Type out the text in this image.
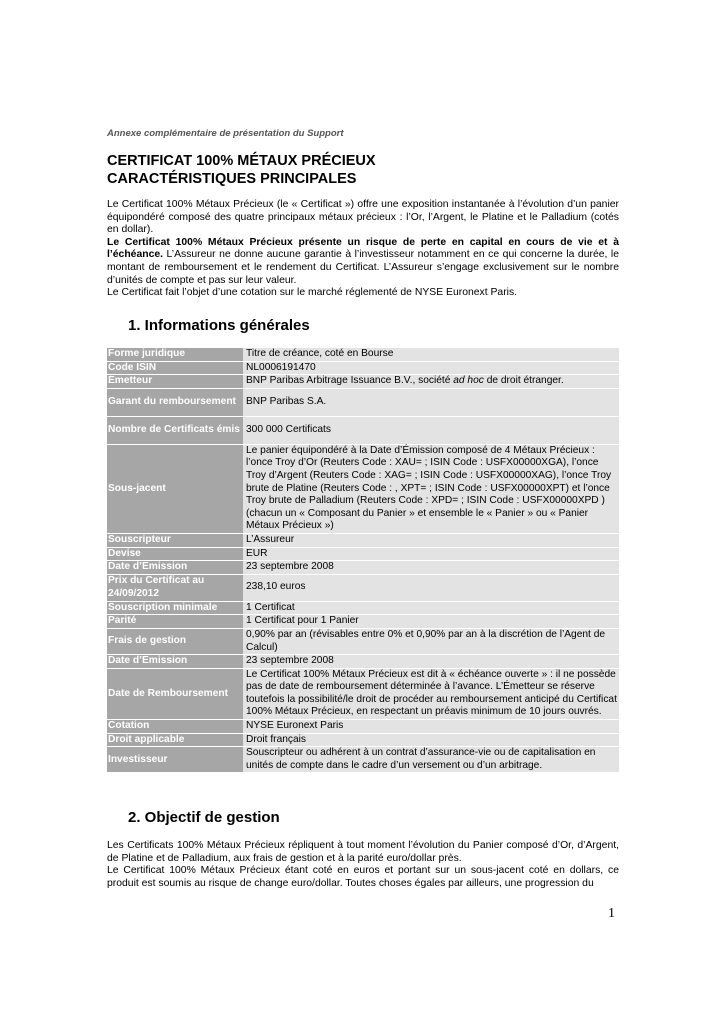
Annexe complémentaire de présentation du Support
CERTIFICAT 100% MÉTAUX PRÉCIEUX
CARACTÉRISTIQUES PRINCIPALES

Le Certificat 100% Métaux Précieux (le « Certificat ») offre une exposition instantanée à l’évolution d’un panier équipondéré composé des quatre principaux métaux précieux : l’Or, l’Argent, le Platine et le Palladium (cotés en dollar).

Le Certificat 100% Métaux Précieux présente un risque de perte en capital en cours de vie et à l’échéance. L’Assureur ne donne aucune garantie à l’investisseur notamment en ce qui concerne la durée, le montant de remboursement et le rendement du Certificat. L’Assureur s’engage exclusivement sur le nombre d’unités de compte et pas sur leur valeur.

Le Certificat fait l’objet d’une cotation sur le marché réglementé de NYSE Euronext Paris.

1. Informations générales
Forme juridique	Titre de créance, coté en Bourse
Code ISIN	NL0006191470
Émetteur	BNP Paribas Arbitrage Issuance B.V., société ad hoc de droit étranger.
Garant du remboursement	BNP Paribas S.A.
Nombre de Certificats émis	300 000 Certificats
Sous-jacent	Le panier équipondéré à la Date d’Émission composé de 4 Métaux Précieux : l’once Troy d’Or (Reuters Code : XAU= ; ISIN Code : USFX00000XGA), l’once Troy d’Argent (Reuters Code : XAG= ; ISIN Code : USFX00000XAG), l’once Troy brute de Platine (Reuters Code : , XPT= ; ISIN Code : USFX00000XPT) et l’once Troy brute de Palladium (Reuters Code : XPD= ; ISIN Code : USFX00000XPD ) (chacun un « Composant du Panier » et ensemble le « Panier » ou « Panier Métaux Précieux »)
Souscripteur	L’Assureur
Devise	EUR
Date d’Emission	23 septembre 2008
Prix du Certificat au 24/09/2012	238,10 euros
Souscription minimale	1 Certificat
Parité	1 Certificat pour 1 Panier
Frais de gestion	0,90% par an (révisables entre 0% et 0,90% par an à la discrétion de l’Agent de Calcul)
Date d’Emission	23 septembre 2008
Date de Remboursement	Le Certificat 100% Métaux Précieux est dit à « échéance ouverte » : il ne possède pas de date de remboursement déterminée à l’avance. L’Émetteur se réserve toutefois la possibilité/le droit de procéder au remboursement anticipé du Certificat 100% Métaux Précieux, en respectant un préavis minimum de 10 jours ouvrés.
Cotation	NYSE Euronext Paris
Droit applicable	Droit français
Investisseur	Souscripteur ou adhérent à un contrat d’assurance-vie ou de capitalisation en unités de compte dans le cadre d’un versement ou d’un arbitrage.
2. Objectif de gestion

Les Certificats 100% Métaux Précieux répliquent à tout moment l’évolution du Panier composé d’Or, d’Argent, de Platine et de Palladium, aux frais de gestion et à la parité euro/dollar près.

Le Certificat 100% Métaux Précieux étant coté en euros et portant sur un sous-jacent coté en dollars, ce produit est soumis au risque de change euro/dollar. Toutes choses égales par ailleurs, une progression du

1
